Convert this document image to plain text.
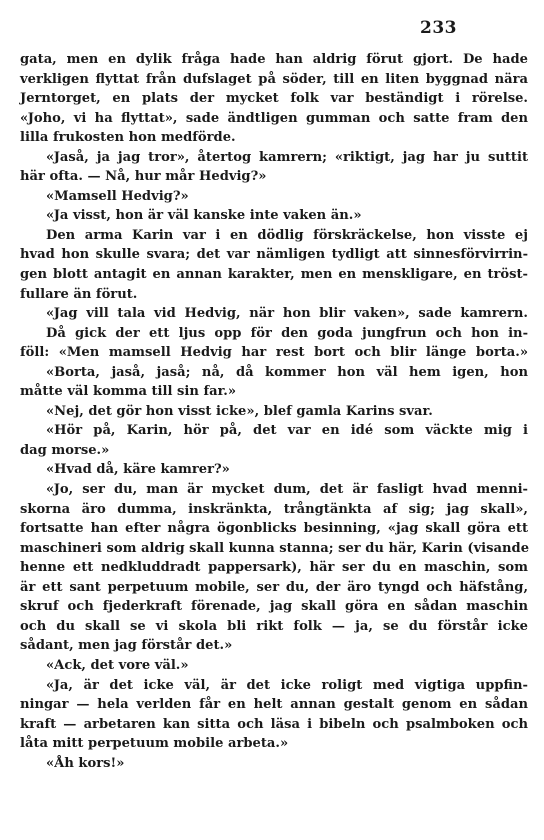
233
gata, men en dylik fråga hade han aldrig förut gjort. De hade
verkligen flyttat från dufslaget på söder, till en liten byggnad nära
Jerntorget, en plats der mycket folk var beständigt i rörelse.
«Joho, vi ha flyttat», sade ändtligen gumman och satte fram den
lilla frukosten hon medförde.
«Jaså, ja jag tror», återtog kamrern; «riktigt, jag har ju suttit
här ofta. — Nå, hur mår Hedvig?»
«Mamsell Hedvig?»
«Ja visst, hon är väl kanske inte vaken än.»
Den arma Karin var i en dödlig förskräckelse, hon visste ej
hvad hon skulle svara; det var nämligen tydligt att sinnesförvirrin-
gen blott antagit en annan karakter, men en menskligare, en tröst-
fullare än förut.
«Jag vill tala vid Hedvig, när hon blir vaken», sade kamrern.
Då gick der ett ljus opp för den goda jungfrun och hon in-
föll: «Men mamsell Hedvig har rest bort och blir länge borta.»
«Borta, jaså, jaså; nå, då kommer hon väl hem igen, hon
måtte väl komma till sin far.»
«Nej, det gör hon visst icke», blef gamla Karins svar.
«Hör på, Karin, hör på, det var en idé som väckte mig i
dag morse.»
«Hvad då, käre kamrer?»
«Jo, ser du, man är mycket dum, det är fasligt hvad menni-
skorna äro dumma, inskränkta, trångtänkta af sig; jag skall»,
fortsatte han efter några ögonblicks besinning, «jag skall göra ett
maschineri som aldrig skall kunna stanna; ser du här, Karin (visande
henne ett nedkluddradt pappersark), här ser du en maschin, som
är ett sant perpetuum mobile, ser du, der äro tyngd och häfstång,
skruf och fjederkraft förenade, jag skall göra en sådan maschin
och du skall se vi skola bli rikt folk — ja, se du förstår icke
sådant, men jag förstår det.»
«Ack, det vore väl.»
«Ja, är det icke väl, är det icke roligt med vigtiga uppfin-
ningar — hela verlden får en helt annan gestalt genom en sådan
kraft — arbetaren kan sitta och läsa i bibeln och psalmboken och
låta mitt perpetuum mobile arbeta.»
«Åh kors!»
